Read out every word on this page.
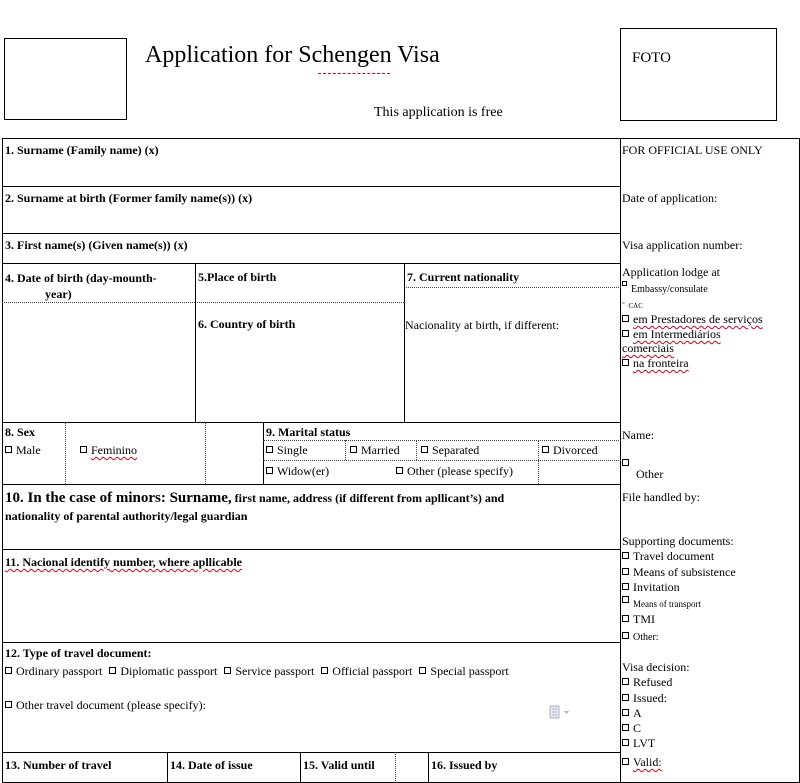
Application for Schengen Visa
This application is free
FOTO
1. Surname (Family name) (x)
2. Surname at birth (Former family name(s)) (x)
3. First name(s) (Given name(s)) (x)
4. Date of birth (day-mounth-
year)
5.Place of birth
6. Country of birth
7. Current nationality
Nacionality at birth, if different:
8. Sex
Male	Feminino
9. Marital status
Single	Married	Separated	Divorced
Widow(er)	Other (please specify)
10. In the case of minors: Surname, first name, address (if different from apllicant’s) and
nationality of parental authority/legal guardian
11. Nacional identify number, where apllicable
12. Type of travel document:
Ordinary passport Diplomatic passport Service passport Official passport Special passport
Other travel document (please specify):
13. Number of travel	14. Date of issue	15. Valid until	16. Issued by
FOR OFFICIAL USE ONLY
Date of application:
Visa application number:
Application lodge at
Embassy/consulate
▫ CAC
em Prestadores de serviços
em Intermediários
comerciais
na fronteira
Name:
Other
File handled by:
Supporting documents:
Travel document
Means of subsistence
Invitation
Means of transport
TMI
Other:
Visa decision:
Refused
Issued:
A
C
LVT
Valid:
